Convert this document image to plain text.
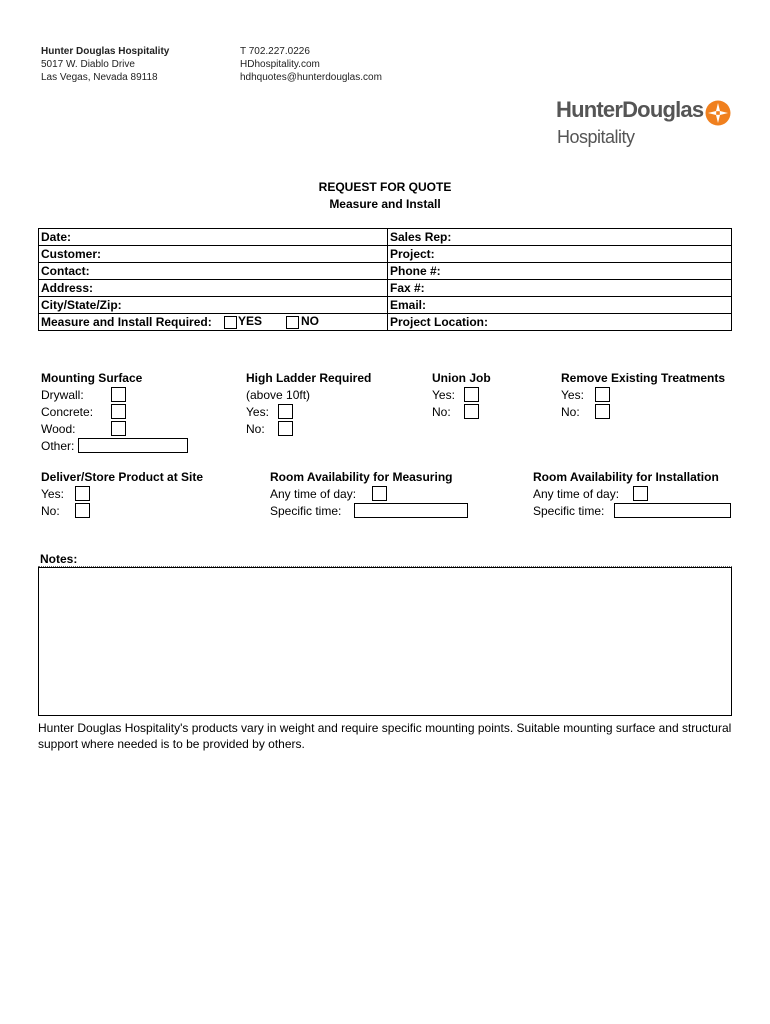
Hunter Douglas Hospitality
5017 W. Diablo Drive
Las Vegas, Nevada 89118
T 702.227.0226
HDhospitality.com
hdhquotes@hunterdouglas.com
HunterDouglas
Hospitality
REQUEST FOR QUOTE
Measure and Install
Date:	Sales Rep:
Customer:	Project:
Contact:	Phone #:
Address:	Fax #:
City/State/Zip:	Email:
Measure and Install Required: YES NO	Project Location:
Mounting Surface
Drywall:
Concrete:
Wood:
Other:
High Ladder Required
(above 10ft)
Yes:
No:
Union Job
Yes:
No:
Remove Existing Treatments
Yes:
No:
Deliver/Store Product at Site
Yes:
No:
Room Availability for Measuring
Any time of day:
Specific time:
Room Availability for Installation
Any time of day:
Specific time:
Notes:
Hunter Douglas Hospitality's products vary in weight and require specific mounting points. Suitable mounting surface and structural support where needed is to be provided by others.
